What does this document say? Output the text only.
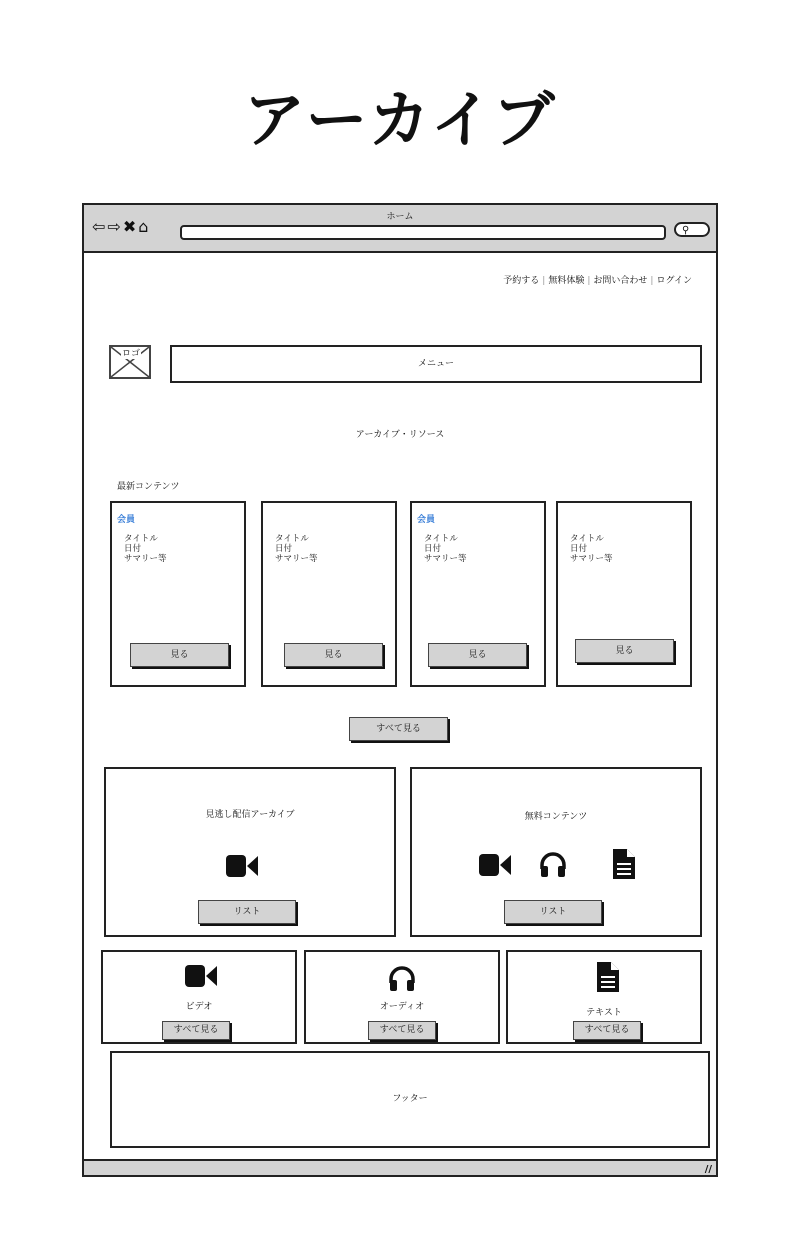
アーカイブ
ホーム
⇦⇨✖⌂	⚲
予約する | 無料体験 | お問い合わせ | ログイン
ロゴ
メニュー
アーカイブ・リソース
最新コンテンツ
会員
タイトル
日付
サマリー等
見る
タイトル
日付
サマリー等
見る
会員
タイトル
日付
サマリー等
見る
タイトル
日付
サマリー等
見る
すべて見る
見逃し配信アーカイブ
リスト
無料コンテンツ
リスト
ビデオ
すべて見る
オーディオ
すべて見る
テキスト
すべて見る
フッター
//
